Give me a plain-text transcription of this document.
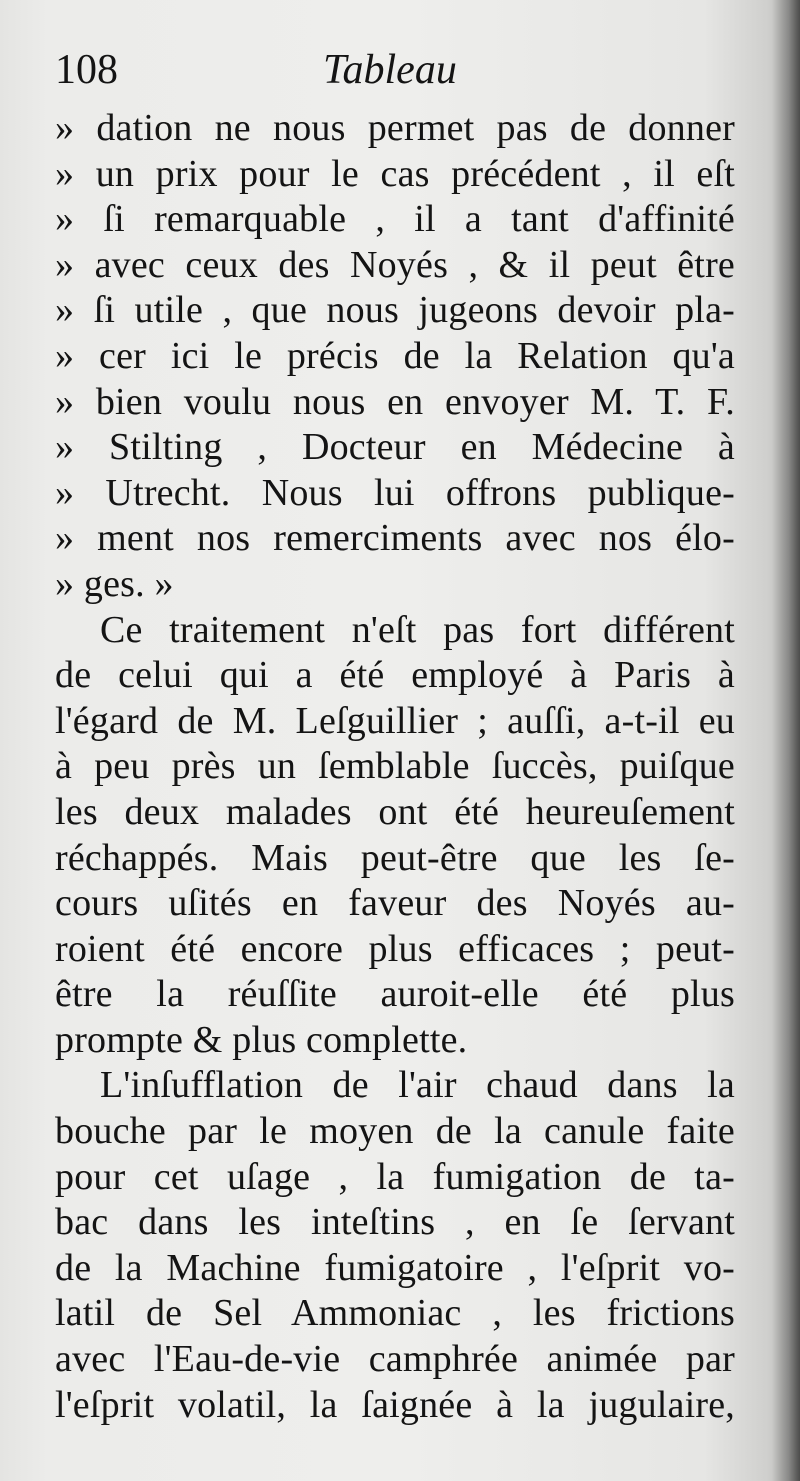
108	Tableau
» dation ne nous permet pas de donner
» un prix pour le cas précédent , il eſt
» ſi remarquable , il a tant d'affinité
» avec ceux des Noyés , & il peut être
» ſi utile , que nous jugeons devoir pla-
» cer ici le précis de la Relation qu'a
» bien voulu nous en envoyer M. T. F.
» Stilting , Docteur en Médecine à
» Utrecht. Nous lui offrons publique-
» ment nos remerciments avec nos élo-
» ges. »
Ce traitement n'eſt pas fort différent
de celui qui a été employé à Paris à
l'égard de M. Leſguillier ; auſſi, a-t-il eu
à peu près un ſemblable ſuccès, puiſque
les deux malades ont été heureuſement
réchappés. Mais peut-être que les ſe-
cours uſités en faveur des Noyés au-
roient été encore plus efficaces ; peut-
être la réuſſite auroit-elle été plus
prompte & plus complette.
L'inſufflation de l'air chaud dans la
bouche par le moyen de la canule faite
pour cet uſage , la fumigation de ta-
bac dans les inteſtins , en ſe ſervant
de la Machine fumigatoire , l'eſprit vo-
latil de Sel Ammoniac , les frictions
avec l'Eau-de-vie camphrée animée par
l'eſprit volatil, la ſaignée à la jugulaire,
